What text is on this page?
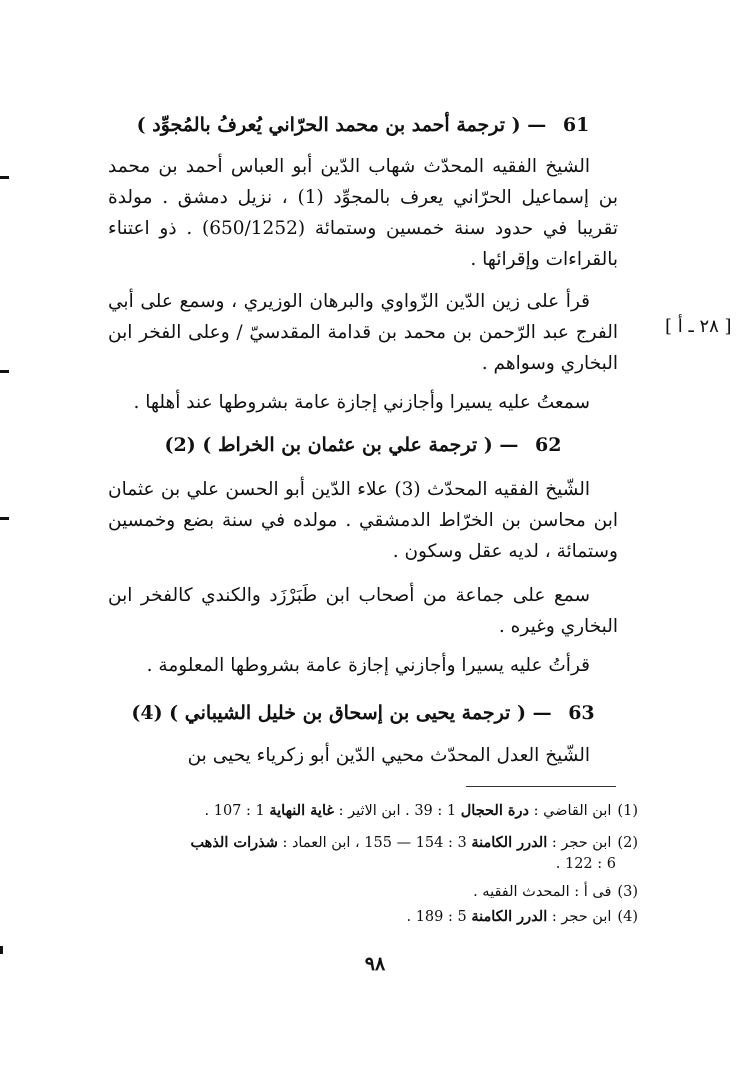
61 — ( ترجمة أحمد بن محمد الحرّاني يُعرفُ بالمُجوِّد )
الشيخ الفقيه المحدّث شهاب الدّين أبو العباس أحمد بن محمد بن إسماعيل الحرّاني يعرف بالمجوِّد (1) ، نزيل دمشق . مولدة تقريبا في حدود سنة خمسين وستمائة (650/1252) . ذو اعتناء بالقراءات وإقرائها .
قرأ على زين الدّين الزّواوي والبرهان الوزيري ، وسمع على أبي الفرج عبد الرّحمن بن محمد بن قدامة المقدسيّ / وعلى الفخر ابن البخاري وسواهم .
سمعتُ عليه يسيرا وأجازني إجازة عامة بشروطها عند أهلها .
62 — ( ترجمة علي بن عثمان بن الخراط ) (2)
الشّيخ الفقيه المحدّث (3) علاء الدّين أبو الحسن علي بن عثمان ابن محاسن بن الخرّاط الدمشقي . مولده في سنة بضع وخمسين وستمائة ، لديه عقل وسكون .
سمع على جماعة من أصحاب ابن طَبَرْزَد والكندي كالفخر ابن البخاري وغيره .
قرأتُ عليه يسيرا وأجازني إجازة عامة بشروطها المعلومة .
63 — ( ترجمة يحيى بن إسحاق بن خليل الشيباني ) (4)
الشّيخ العدل المحدّث محيي الدّين أبو زكرياء يحيى بن
[ ٢٨ ـ أ ]
(1) ابن القاضي : درة الحجال 1 : 39 . ابن الاثير : غاية النهاية 1 : 107 .
(2) ابن حجر : الدرر الكامنة 3 : 154 — 155 ، ابن العماد : شذرات الذهب
6 : 122 .
(3) فى أ : المحدث الفقيه .
(4) ابن حجر : الدرر الكامنة 5 : 189 .
٩٨
